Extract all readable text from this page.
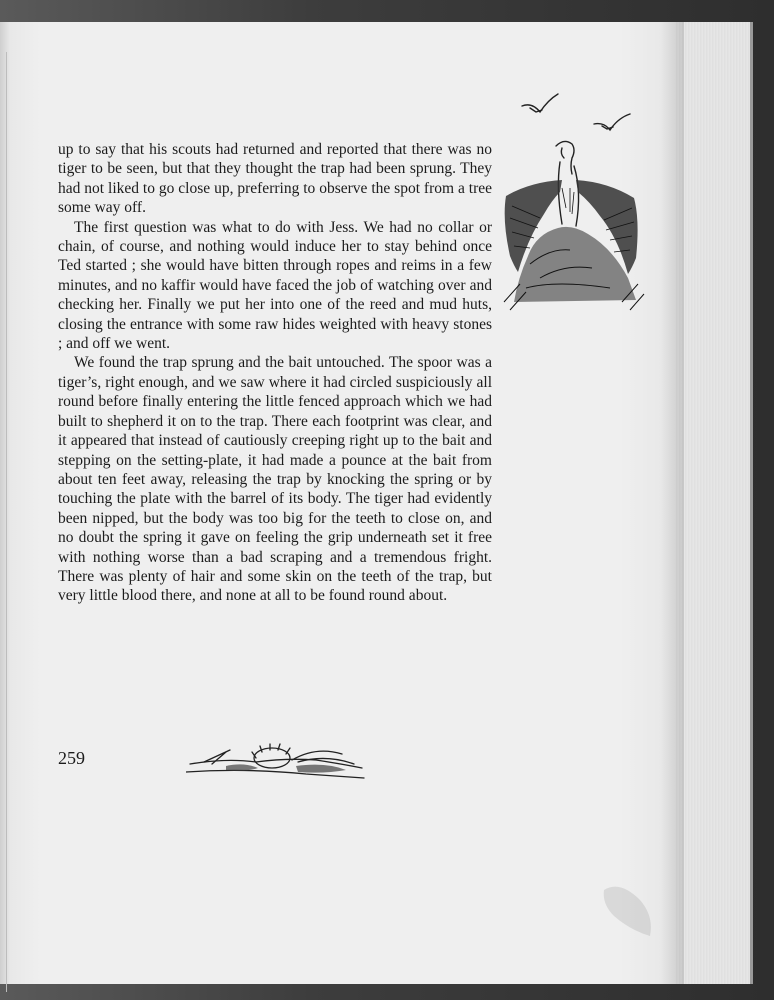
up to say that his scouts had returned and reported that there was no tiger to be seen, but that they thought the trap had been sprung. They had not liked to go close up, preferring to observe the spot from a tree some way off.

The first question was what to do with Jess. We had no collar or chain, of course, and nothing would induce her to stay behind once Ted started ; she would have bitten through ropes and reims in a few minutes, and no kaffir would have faced the job of watching over and checking her. Finally we put her into one of the reed and mud huts, closing the entrance with some raw hides weighted with heavy stones ; and off we went.

We found the trap sprung and the bait untouched. The spoor was a tiger’s, right enough, and we saw where it had circled suspiciously all round before finally entering the little fenced approach which we had built to shepherd it on to the trap. There each footprint was clear, and it appeared that instead of cautiously creeping right up to the bait and stepping on the setting-plate, it had made a pounce at the bait from about ten feet away, releasing the trap by knocking the spring or by touching the plate with the barrel of its body. The tiger had evidently been nipped, but the body was too big for the teeth to close on, and no doubt the spring it gave on feeling the grip underneath set it free with nothing worse than a bad scraping and a tremendous fright. There was plenty of hair and some skin on the teeth of the trap, but very little blood there, and none at all to be found round about.

259
